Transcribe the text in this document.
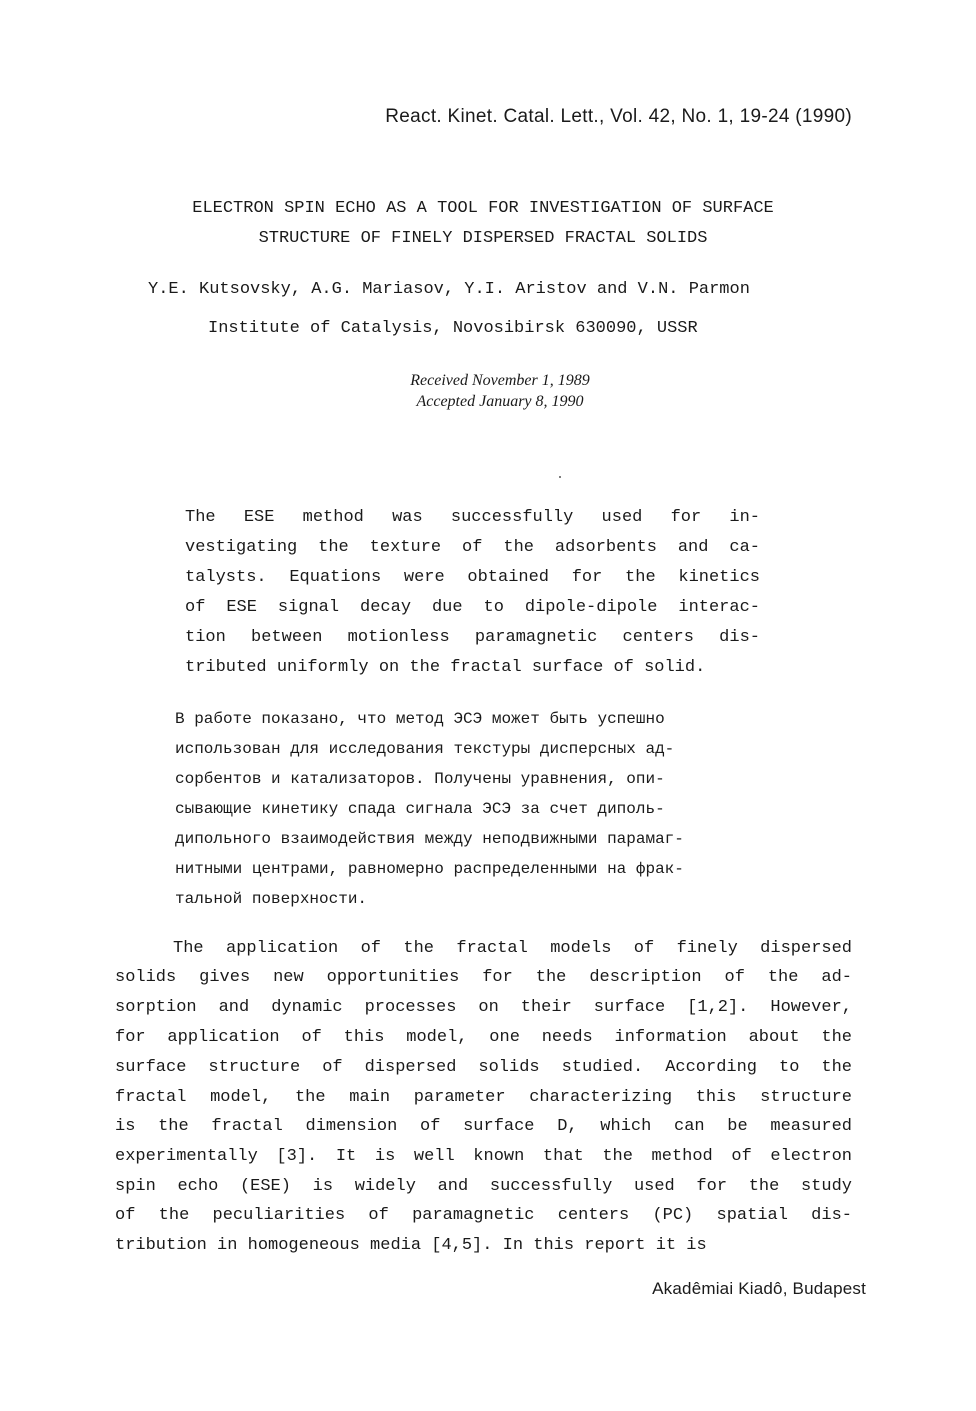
React. Kinet. Catal. Lett., Vol. 42, No. 1, 19-24 (1990)
ELECTRON SPIN ECHO AS A TOOL FOR INVESTIGATION OF SURFACE
STRUCTURE OF FINELY DISPERSED FRACTAL SOLIDS
Y.E. Kutsovsky, A.G. Mariasov, Y.I. Aristov and V.N. Parmon
Institute of Catalysis, Novosibirsk 630090, USSR
Received November 1, 1989
Accepted January 8, 1990
The ESE method was successfully used for in-
vestigating the texture of the adsorbents and ca-
talysts. Equations were obtained for the kinetics
of ESE signal decay due to dipole-dipole interac-
tion between motionless paramagnetic centers dis-
tributed uniformly on the fractal surface of solid.
В работе показано, что метод ЭСЭ может быть успешно
использован для исследования текстуры дисперсных ад-
сорбентов и катализаторов. Получены уравнения, опи-
сывающие кинетику спада сигнала ЭСЭ за счет диполь-
дипольного взаимодействия между неподвижными парамаг-
нитными центрами, равномерно распределенными на фрак-
тальной поверхности.
The application of the fractal models of finely dispersed
solids gives new opportunities for the description of the ad-
sorption and dynamic processes on their surface [1,2]. However,
for application of this model, one needs information about the
surface structure of dispersed solids studied. According to the
fractal model, the main parameter characterizing this structure
is the fractal dimension of surface D, which can be measured
experimentally [3]. It is well known that the method of electron
spin echo (ESE) is widely and successfully used for the study
of the peculiarities of paramagnetic centers (PC) spatial dis-
tribution in homogeneous media [4,5]. In this report it is
Akadêmiai Kiadô, Budapest
